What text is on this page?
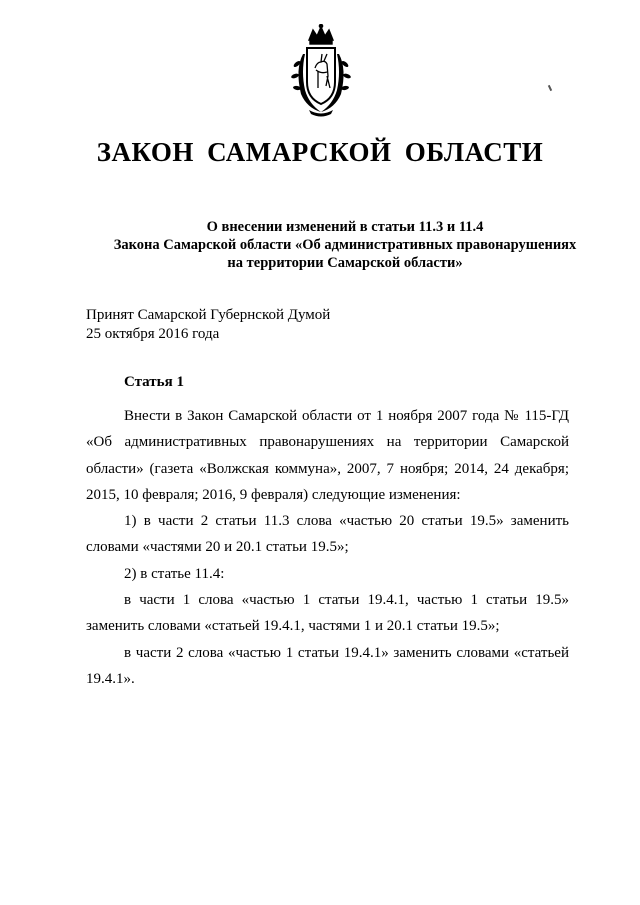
ЗАКОН САМАРСКОЙ ОБЛАСТИ
О внесении изменений в статьи 11.3 и 11.4
Закона Самарской области «Об административных правонарушениях
на территории Самарской области»
Принят Самарской Губернской Думой
25 октября 2016 года
Статья 1
Внести в Закон Самарской области от 1 ноября 2007 года № 115-ГД
«Об административных правонарушениях на территории Самарской
области» (газета «Волжская коммуна», 2007, 7 ноября; 2014, 24 декабря;
2015, 10 февраля; 2016, 9 февраля) следующие изменения:
1) в части 2 статьи 11.3 слова «частью 20 статьи 19.5» заменить
словами «частями 20 и 20.1 статьи 19.5»;
2) в статье 11.4:
в части 1 слова «частью 1 статьи 19.4.1, частью 1 статьи 19.5»
заменить словами «статьей 19.4.1, частями 1 и 20.1 статьи 19.5»;
в части 2 слова «частью 1 статьи 19.4.1» заменить словами «статьей
19.4.1».
